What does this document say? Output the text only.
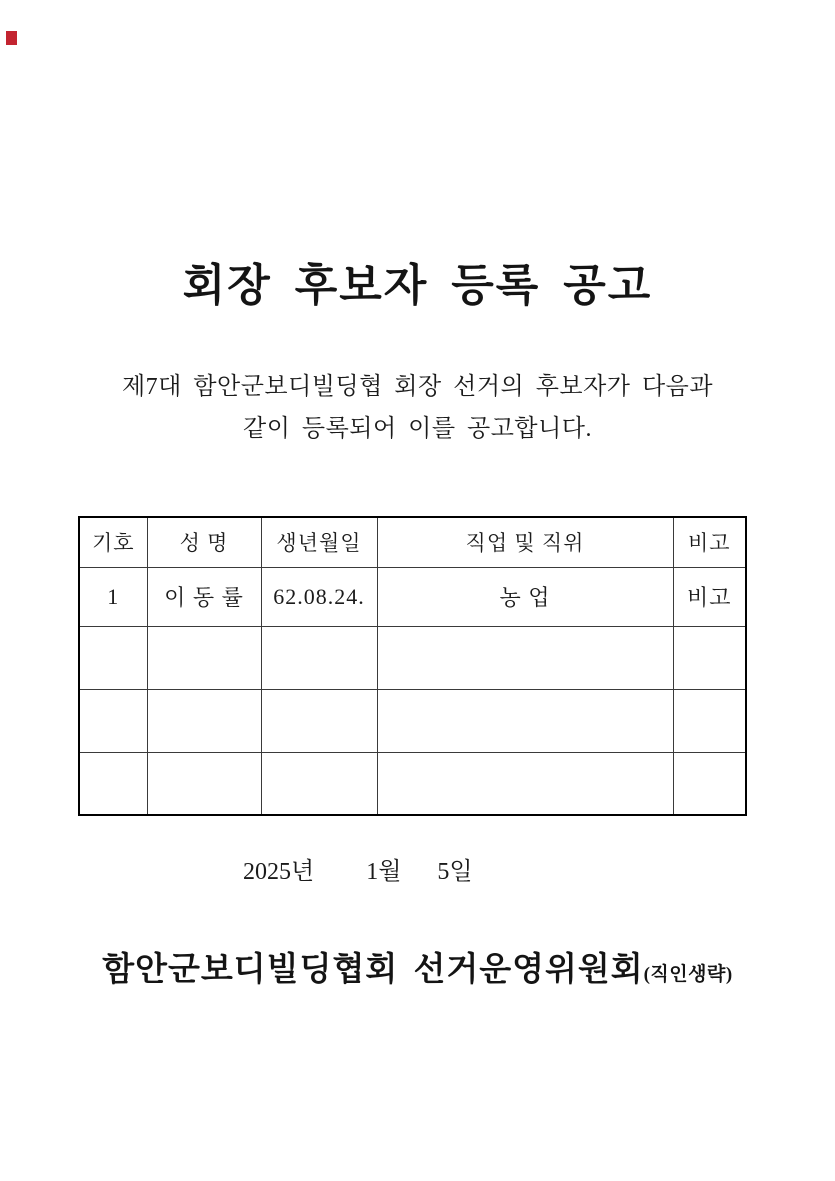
회장 후보자 등록 공고
제7대 함안군보디빌딩협 회장 선거의 후보자가 다음과
같이 등록되어 이를 공고합니다.
기호	성 명	생년월일	직업 및 직위	비고
1	이 동 률	62.08.24.	농 업	비고

2025년 1월 5일
함안군보디빌딩협회 선거운영위원회(직인생략)
